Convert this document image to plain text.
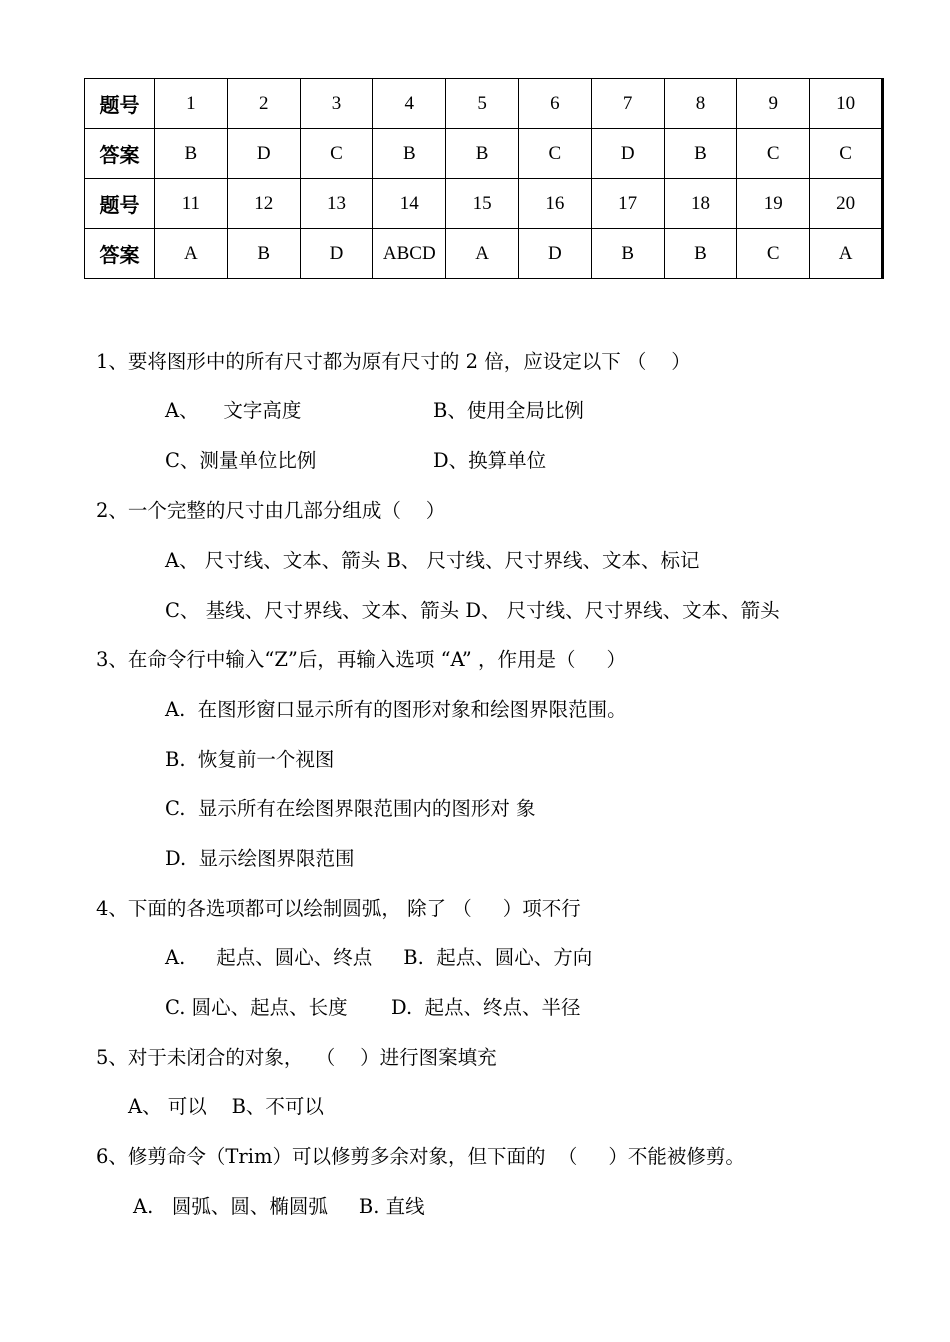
题号	1	2	3	4	5	6	7	8	9	10
答案	B	D	C	B	B	C	D	B	C	C
题号	11	12	13	14	15	16	17	18	19	20
答案	A	B	D	ABCD	A	D	B	B	C	A
1、要将图形中的所有尺寸都为原有尺寸的 2 倍，应设定以下 （    ）
A、    文字高度	B、使用全局比例
C、测量单位比例	D、换算单位
2、一个完整的尺寸由几部分组成（    ）
A、 尺寸线、文本、箭头 B、 尺寸线、尺寸界线、文本、标记
C、 基线、尺寸界线、文本、箭头 D、 尺寸线、尺寸界线、文本、箭头
3、在命令行中输入“Z”后，再输入选项 “A” ，作用是（     ）
A.  在图形窗口显示所有的图形对象和绘图界限范围。
B.  恢复前一个视图
C.  显示所有在绘图界限范围内的图形对 象
D.  显示绘图界限范围
4、下面的各选项都可以绘制圆弧， 除了 （     ）项不行
A.     起点、圆心、终点     B.  起点、圆心、方向
C. 圆心、起点、长度       D.  起点、终点、半径
5、对于未闭合的对象，  （    ）进行图案填充
A、 可以    B、不可以
6、修剪命令（Trim）可以修剪多余对象，但下面的  （     ）不能被修剪。
A.   圆弧、圆、椭圆弧     B. 直线
